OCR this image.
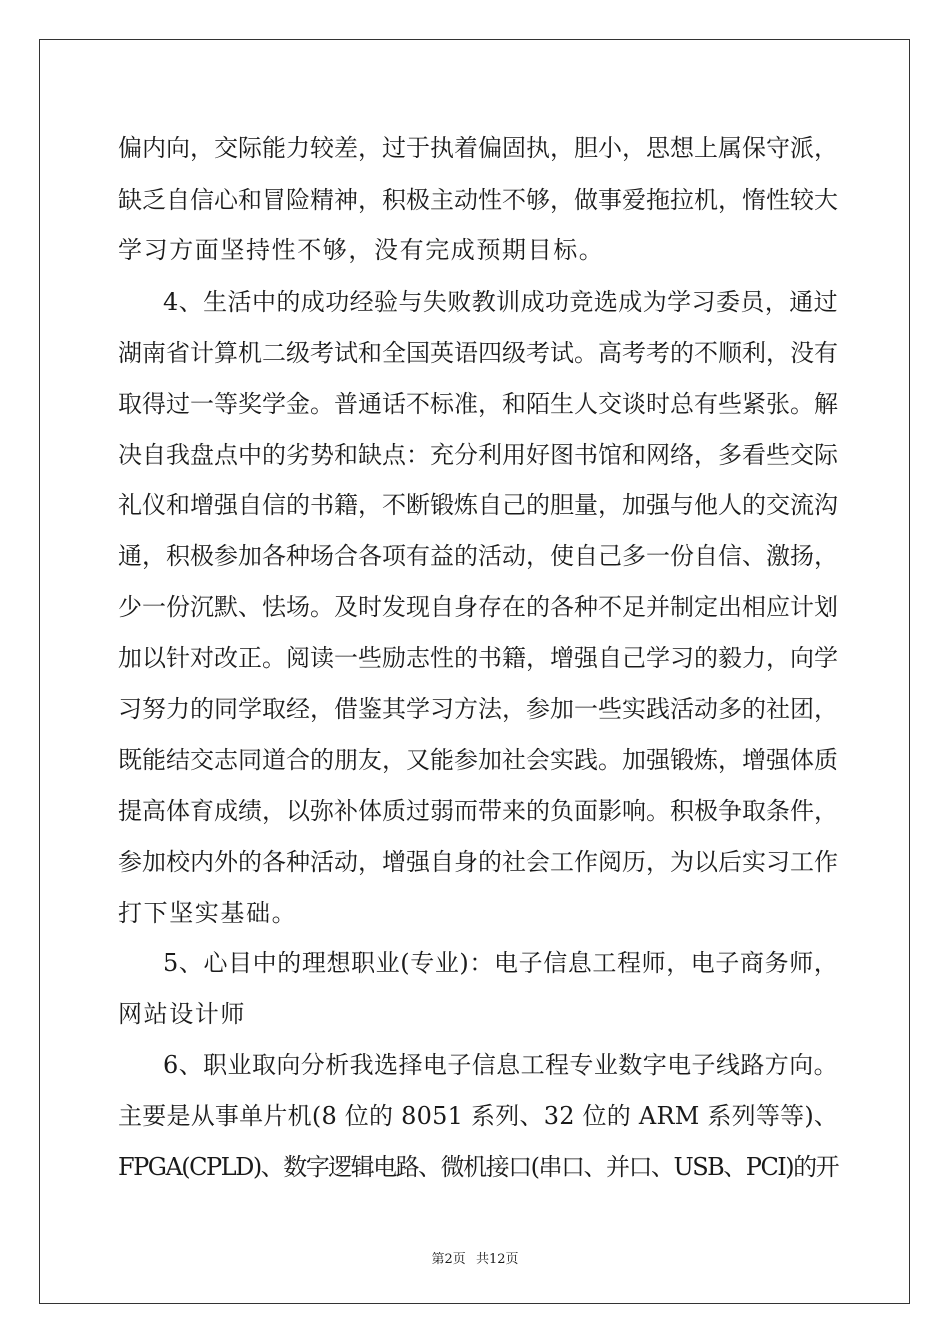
偏内向，交际能力较差，过于执着偏固执，胆小，思想上属保守派，
缺乏自信心和冒险精神，积极主动性不够，做事爱拖拉机，惰性较大
学习方面坚持性不够，没有完成预期目标。
4、生活中的成功经验与失败教训成功竞选成为学习委员，通过
湖南省计算机二级考试和全国英语四级考试。高考考的不顺利，没有
取得过一等奖学金。普通话不标准，和陌生人交谈时总有些紧张。解
决自我盘点中的劣势和缺点：充分利用好图书馆和网络，多看些交际
礼仪和增强自信的书籍，不断锻炼自己的胆量，加强与他人的交流沟
通，积极参加各种场合各项有益的活动，使自己多一份自信、激扬，
少一份沉默、怯场。及时发现自身存在的各种不足并制定出相应计划
加以针对改正。阅读一些励志性的书籍，增强自己学习的毅力，向学
习努力的同学取经，借鉴其学习方法，参加一些实践活动多的社团，
既能结交志同道合的朋友，又能参加社会实践。加强锻炼，增强体质
提高体育成绩，以弥补体质过弱而带来的负面影响。积极争取条件，
参加校内外的各种活动，增强自身的社会工作阅历，为以后实习工作
打下坚实基础。
5、心目中的理想职业(专业)：电子信息工程师，电子商务师，
网站设计师
6、职业取向分析我选择电子信息工程专业数字电子线路方向。
主要是从事单片机(8 位的 8051 系列、32 位的 ARM 系列等等)、
FPGA(CPLD)、数字逻辑电路、微机接口(串口、并口、USB、PCI)的开
第2页 共12页
